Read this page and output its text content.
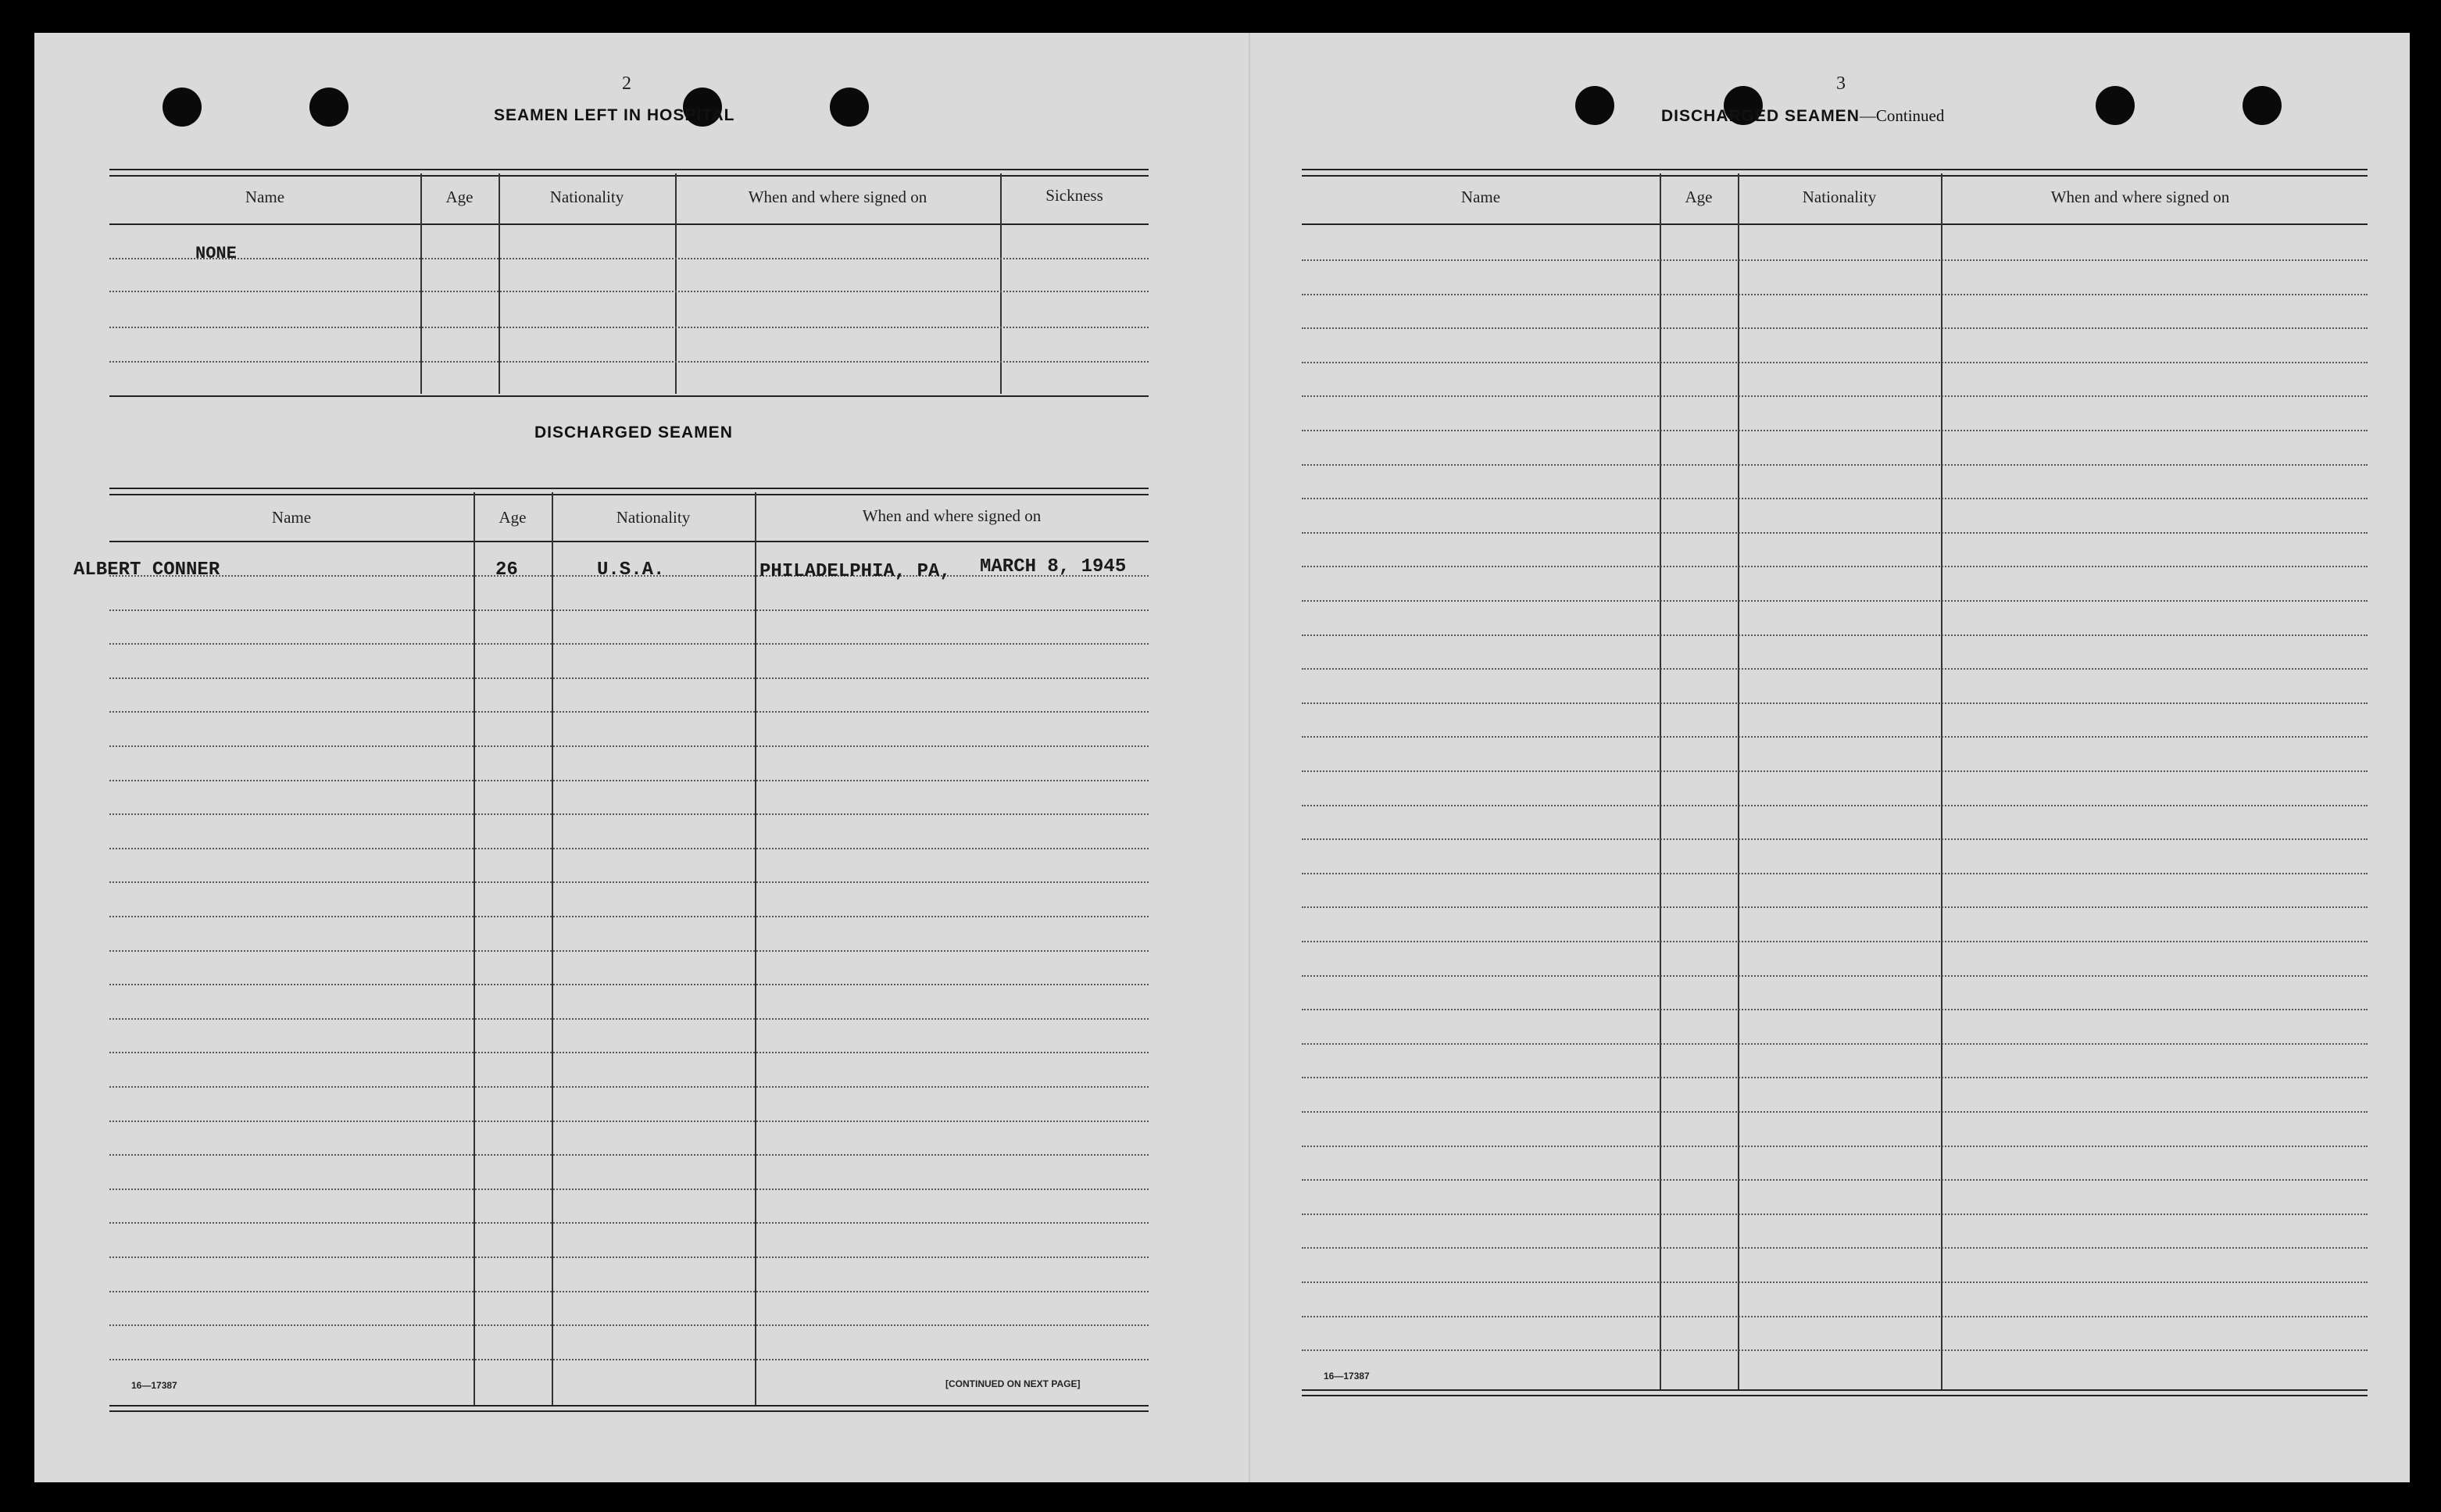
2
SEAMEN LEFT IN HOSPITAL
Name	Age	Nationality	When and where signed on	Sickness
NONE
DISCHARGED SEAMEN
Name	Age	Nationality	When and where signed on
ALBERT CONNER	26	U.S.A.	PHILADELPHIA, PA, MARCH 8, 1945
16—17387	[CONTINUED ON NEXT PAGE]
3
DISCHARGED SEAMEN—Continued
Name	Age	Nationality	When and where signed on
16—17387
